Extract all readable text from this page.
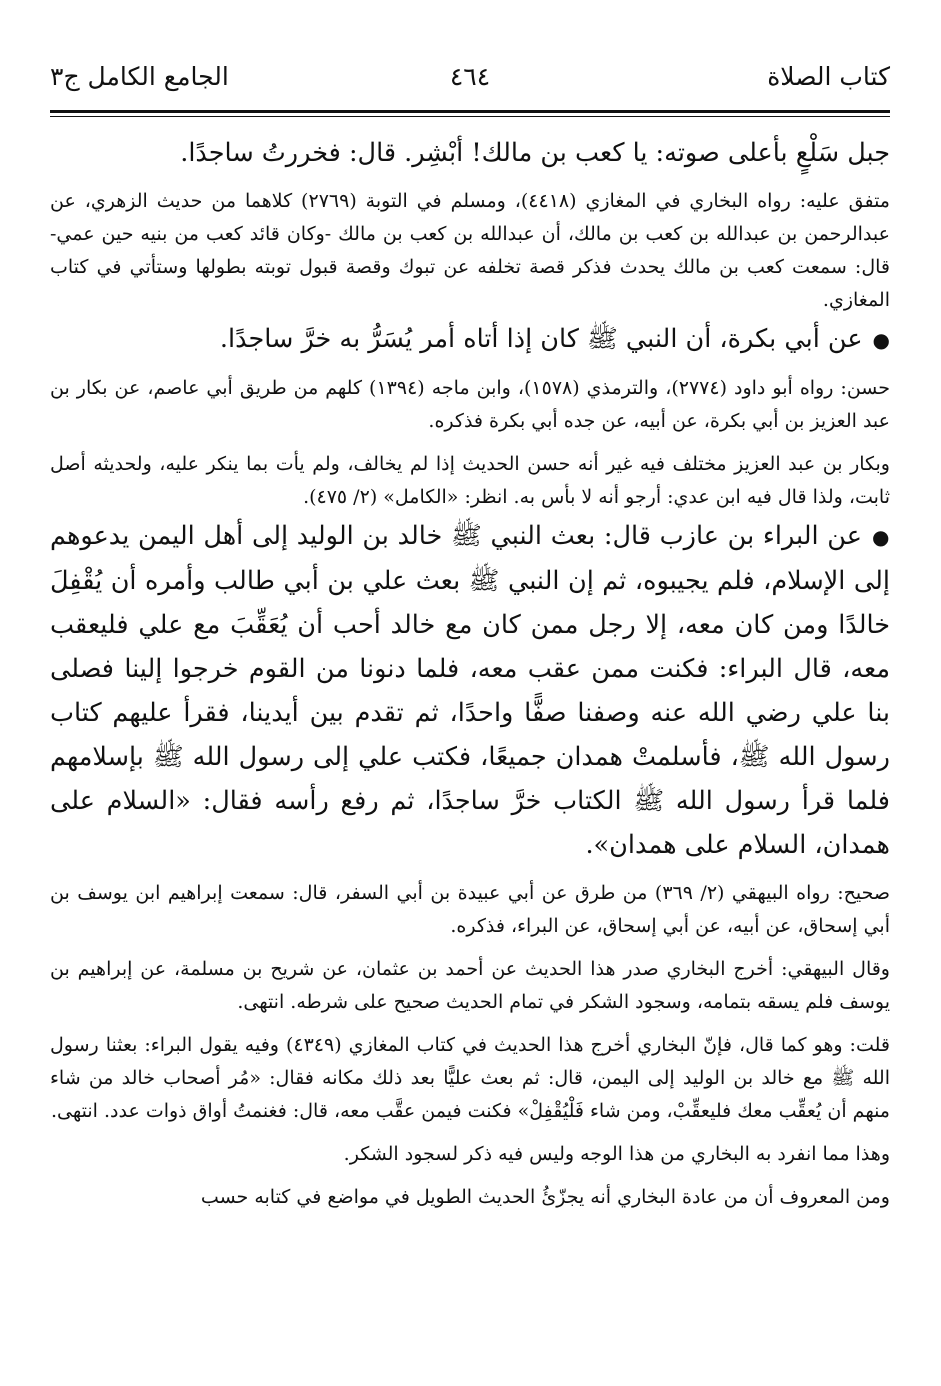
كتاب الصلاة
٤٦٤
الجامع الكامل ج٣

جبل سَلْعٍ بأعلى صوته: يا كعب بن مالك! أبْشِر. قال: فخررتُ ساجدًا.

متفق عليه: رواه البخاري في المغازي (٤٤١٨)، ومسلم في التوبة (٢٧٦٩) كلاهما من حديث الزهري، عن عبدالرحمن بن عبدالله بن كعب بن مالك، أن عبدالله بن كعب بن مالك -وكان قائد كعب من بنيه حين عمي- قال: سمعت كعب بن مالك يحدث فذكر قصة تخلفه عن تبوك وقصة قبول توبته بطولها وستأتي في كتاب المغازي.

●عن أبي بكرة، أن النبي ﷺ كان إذا أتاه أمر يُسَرُّ به خرَّ ساجدًا.

حسن: رواه أبو داود (٢٧٧٤)، والترمذي (١٥٧٨)، وابن ماجه (١٣٩٤) كلهم من طريق أبي عاصم، عن بكار بن عبد العزيز بن أبي بكرة، عن أبيه، عن جده أبي بكرة فذكره.

وبكار بن عبد العزيز مختلف فيه غير أنه حسن الحديث إذا لم يخالف، ولم يأت بما ينكر عليه، ولحديثه أصل ثابت، ولذا قال فيه ابن عدي: أرجو أنه لا بأس به. انظر: «الكامل» (٢/ ٤٧٥).

●عن البراء بن عازب قال: بعث النبي ﷺ خالد بن الوليد إلى أهل اليمن يدعوهم إلى الإسلام، فلم يجيبوه، ثم إن النبي ﷺ بعث علي بن أبي طالب وأمره أن يُقْفِلَ خالدًا ومن كان معه، إلا رجل ممن كان مع خالد أحب أن يُعَقِّبَ مع علي فليعقب معه، قال البراء: فكنت ممن عقب معه، فلما دنونا من القوم خرجوا إلينا فصلى بنا علي رضي الله عنه وصفنا صفًّا واحدًا، ثم تقدم بين أيدينا، فقرأ عليهم كتاب رسول الله ﷺ، فأسلمتْ همدان جميعًا، فكتب علي إلى رسول الله ﷺ بإسلامهم فلما قرأ رسول الله ﷺ الكتاب خرَّ ساجدًا، ثم رفع رأسه فقال: «السلام على همدان، السلام على همدان».

صحيح: رواه البيهقي (٢/ ٣٦٩) من طرق عن أبي عبيدة بن أبي السفر، قال: سمعت إبراهيم ابن يوسف بن أبي إسحاق، عن أبيه، عن أبي إسحاق، عن البراء، فذكره.

وقال البيهقي: أخرج البخاري صدر هذا الحديث عن أحمد بن عثمان، عن شريح بن مسلمة، عن إبراهيم بن يوسف فلم يسقه بتمامه، وسجود الشكر في تمام الحديث صحيح على شرطه. انتهى.

قلت: وهو كما قال، فإنّ البخاري أخرج هذا الحديث في كتاب المغازي (٤٣٤٩) وفيه يقول البراء: بعثنا رسول الله ﷺ مع خالد بن الوليد إلى اليمن، قال: ثم بعث عليًّا بعد ذلك مكانه فقال: «مُر أصحاب خالد من شاء منهم أن يُعقِّب معك فليعقِّبْ، ومن شاء فَلْيُقْفِلْ» فكنت فيمن عقَّب معه، قال: فغنمتُ أواق ذوات عدد. انتهى.

وهذا مما انفرد به البخاري من هذا الوجه وليس فيه ذكر لسجود الشكر.

ومن المعروف أن من عادة البخاري أنه يجزّئُ الحديث الطويل في مواضع في كتابه حسب
